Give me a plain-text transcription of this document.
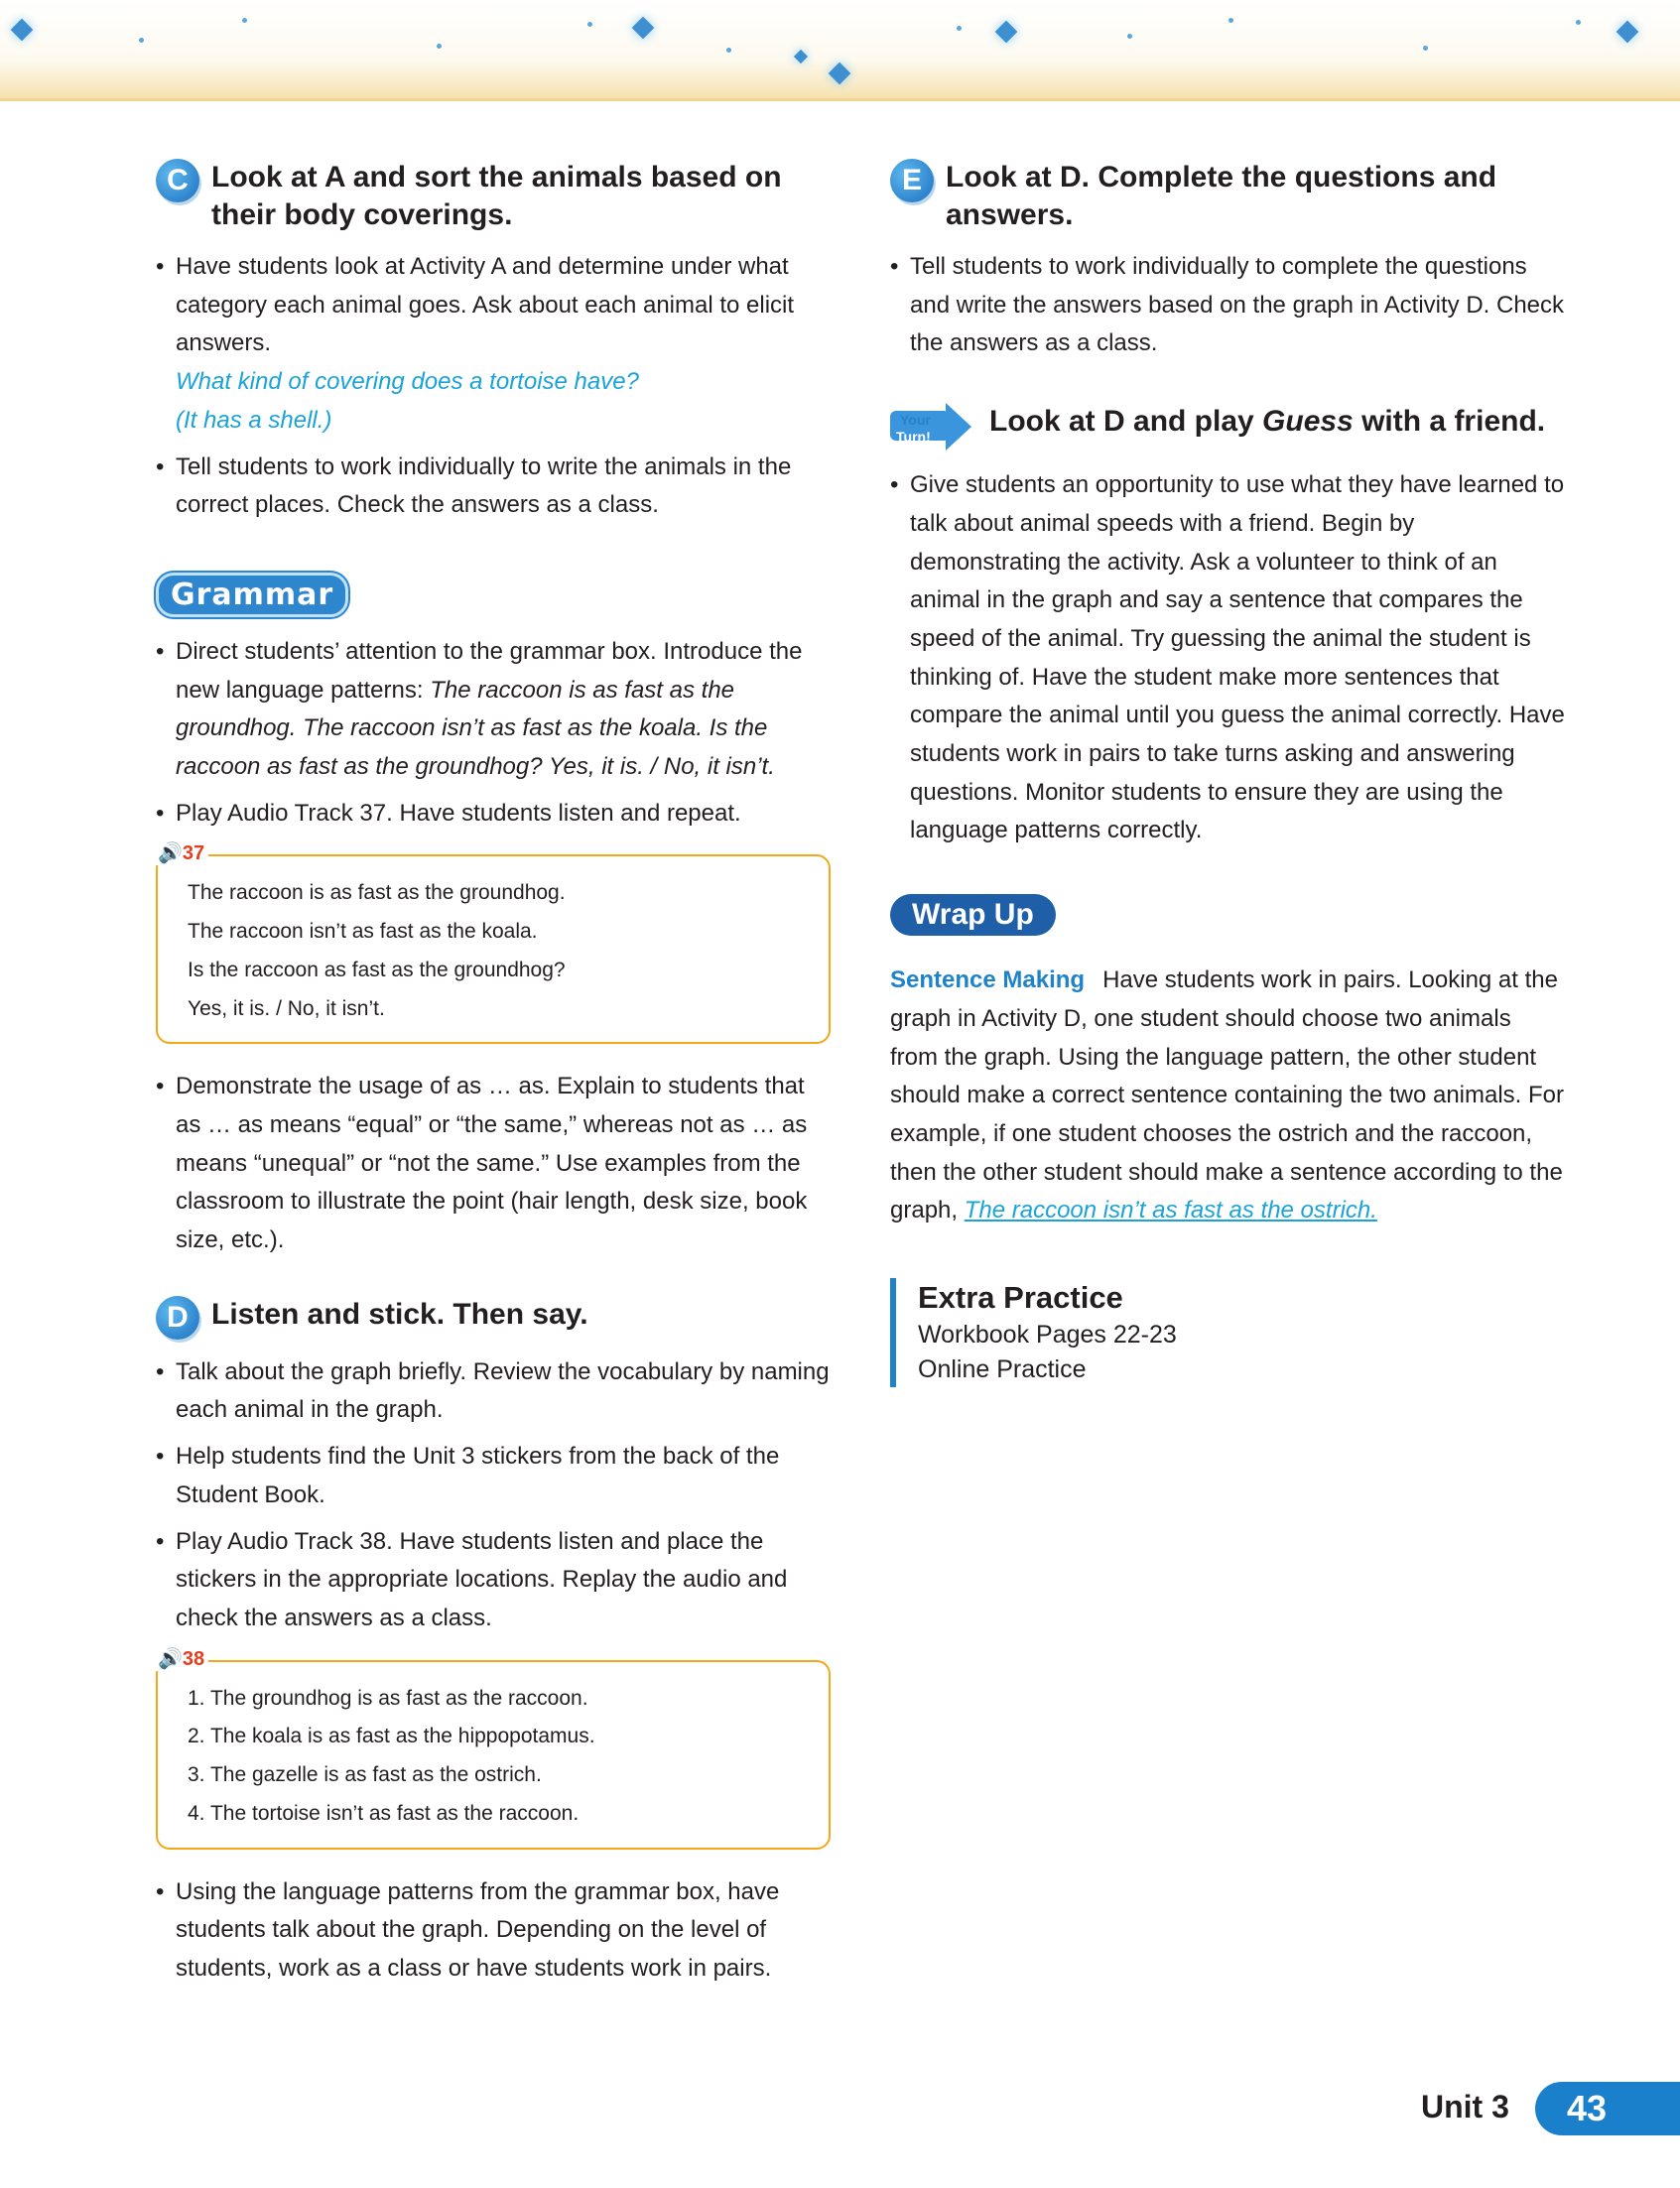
C Look at A and sort the animals based on their body coverings.
• Have students look at Activity A and determine under what category each animal goes. Ask about each animal to elicit answers.
What kind of covering does a tortoise have?
(It has a shell.)
• Tell students to work individually to write the animals in the correct places. Check the answers as a class.
Grammar
• Direct students’ attention to the grammar box. Introduce the new language patterns: The raccoon is as fast as the groundhog. The raccoon isn’t as fast as the koala. Is the raccoon as fast as the groundhog? Yes, it is. / No, it isn’t.
• Play Audio Track 37. Have students listen and repeat.
🔊37

The raccoon is as fast as the groundhog.

The raccoon isn’t as fast as the koala.

Is the raccoon as fast as the groundhog?

Yes, it is. / No, it isn’t.

• Demonstrate the usage of as … as. Explain to students that as … as means “equal” or “the same,” whereas not as … as means “unequal” or “not the same.” Use examples from the classroom to illustrate the point (hair length, desk size, book size, etc.).
D Listen and stick. Then say.
• Talk about the graph briefly. Review the vocabulary by naming each animal in the graph.
• Help students find the Unit 3 stickers from the back of the Student Book.
• Play Audio Track 38. Have students listen and place the stickers in the appropriate locations. Replay the audio and check the answers as a class.
🔊38

1. The groundhog is as fast as the raccoon.

2. The koala is as fast as the hippopotamus.

3. The gazelle is as fast as the ostrich.

4. The tortoise isn’t as fast as the raccoon.

• Using the language patterns from the grammar box, have students talk about the graph. Depending on the level of students, work as a class or have students work in pairs.
E Look at D. Complete the questions and answers.
• Tell students to work individually to complete the questions and write the answers based on the graph in Activity D. Check the answers as a class.
Your
Turn! Look at D and play Guess with a friend.
• Give students an opportunity to use what they have learned to talk about animal speeds with a friend. Begin by demonstrating the activity. Ask a volunteer to think of an animal in the graph and say a sentence that compares the speed of the animal. Try guessing the animal the student is thinking of. Have the student make more sentences that compare the animal until you guess the animal correctly. Have students work in pairs to take turns asking and answering questions. Monitor students to ensure they are using the language patterns correctly.
Wrap Up

Sentence Making Have students work in pairs. Looking at the graph in Activity D, one student should choose two animals from the graph. Using the language pattern, the other student should make a correct sentence containing the two animals. For example, if one student chooses the ostrich and the raccoon, then the other student should make a sentence according to the graph, The raccoon isn’t as fast as the ostrich.

Extra Practice

Workbook Pages 22-23

Online Practice

Unit 3	43
